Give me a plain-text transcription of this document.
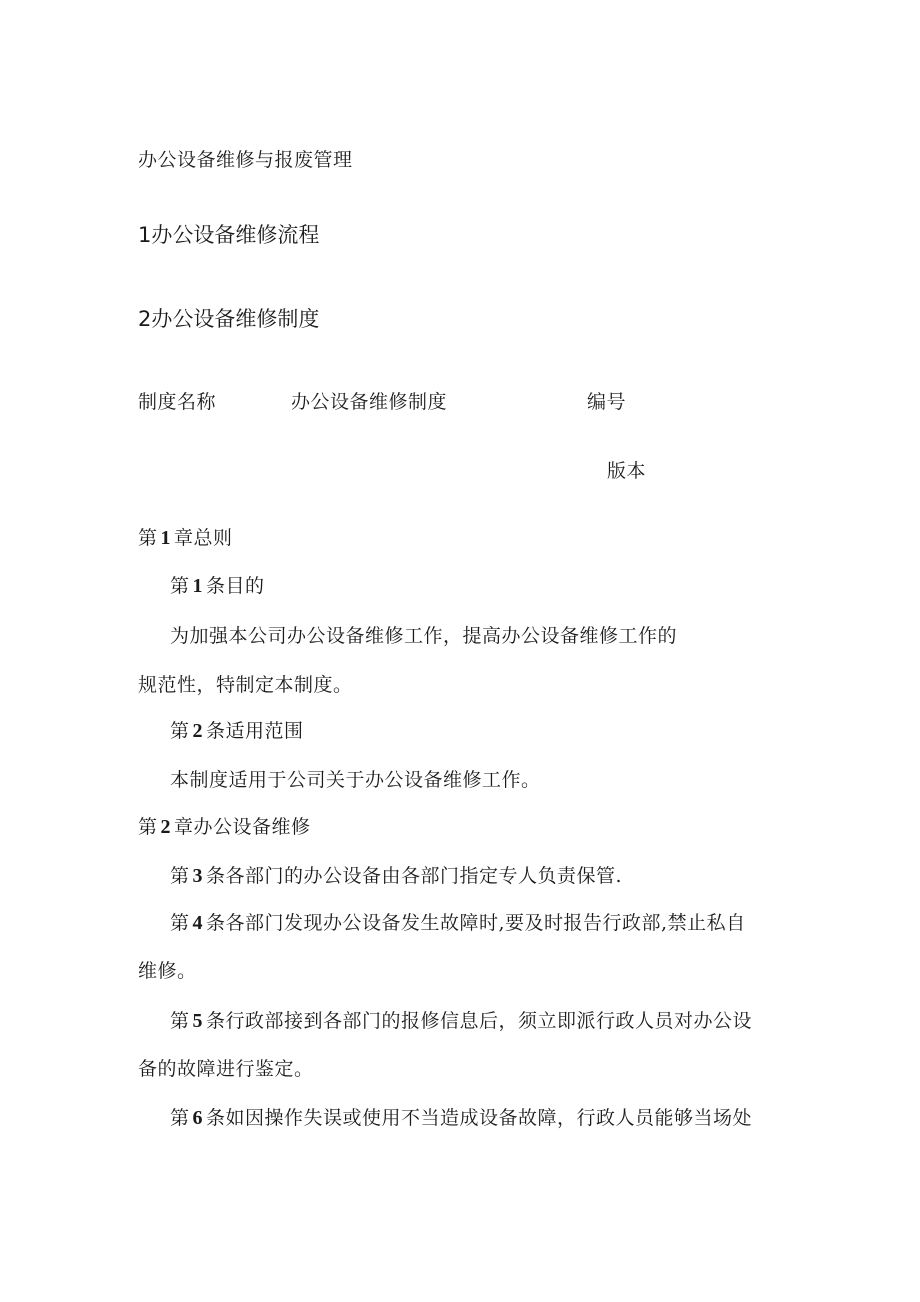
办公设备维修与报废管理
1办公设备维修流程
2办公设备维修制度
制度名称	办公设备维修制度	编号
版本
第 1 章总则
第 1 条目的
为加强本公司办公设备维修工作，提高办公设备维修工作的
规范性，特制定本制度。
第 2 条适用范围
本制度适用于公司关于办公设备维修工作。
第 2 章办公设备维修
第 3 条各部门的办公设备由各部门指定专人负责保管.
第 4 条各部门发现办公设备发生故障时,要及时报告行政部,禁止私自
维修。
第 5 条行政部接到各部门的报修信息后，须立即派行政人员对办公设
备的故障进行鉴定。
第 6 条如因操作失误或使用不当造成设备故障，行政人员能够当场处
